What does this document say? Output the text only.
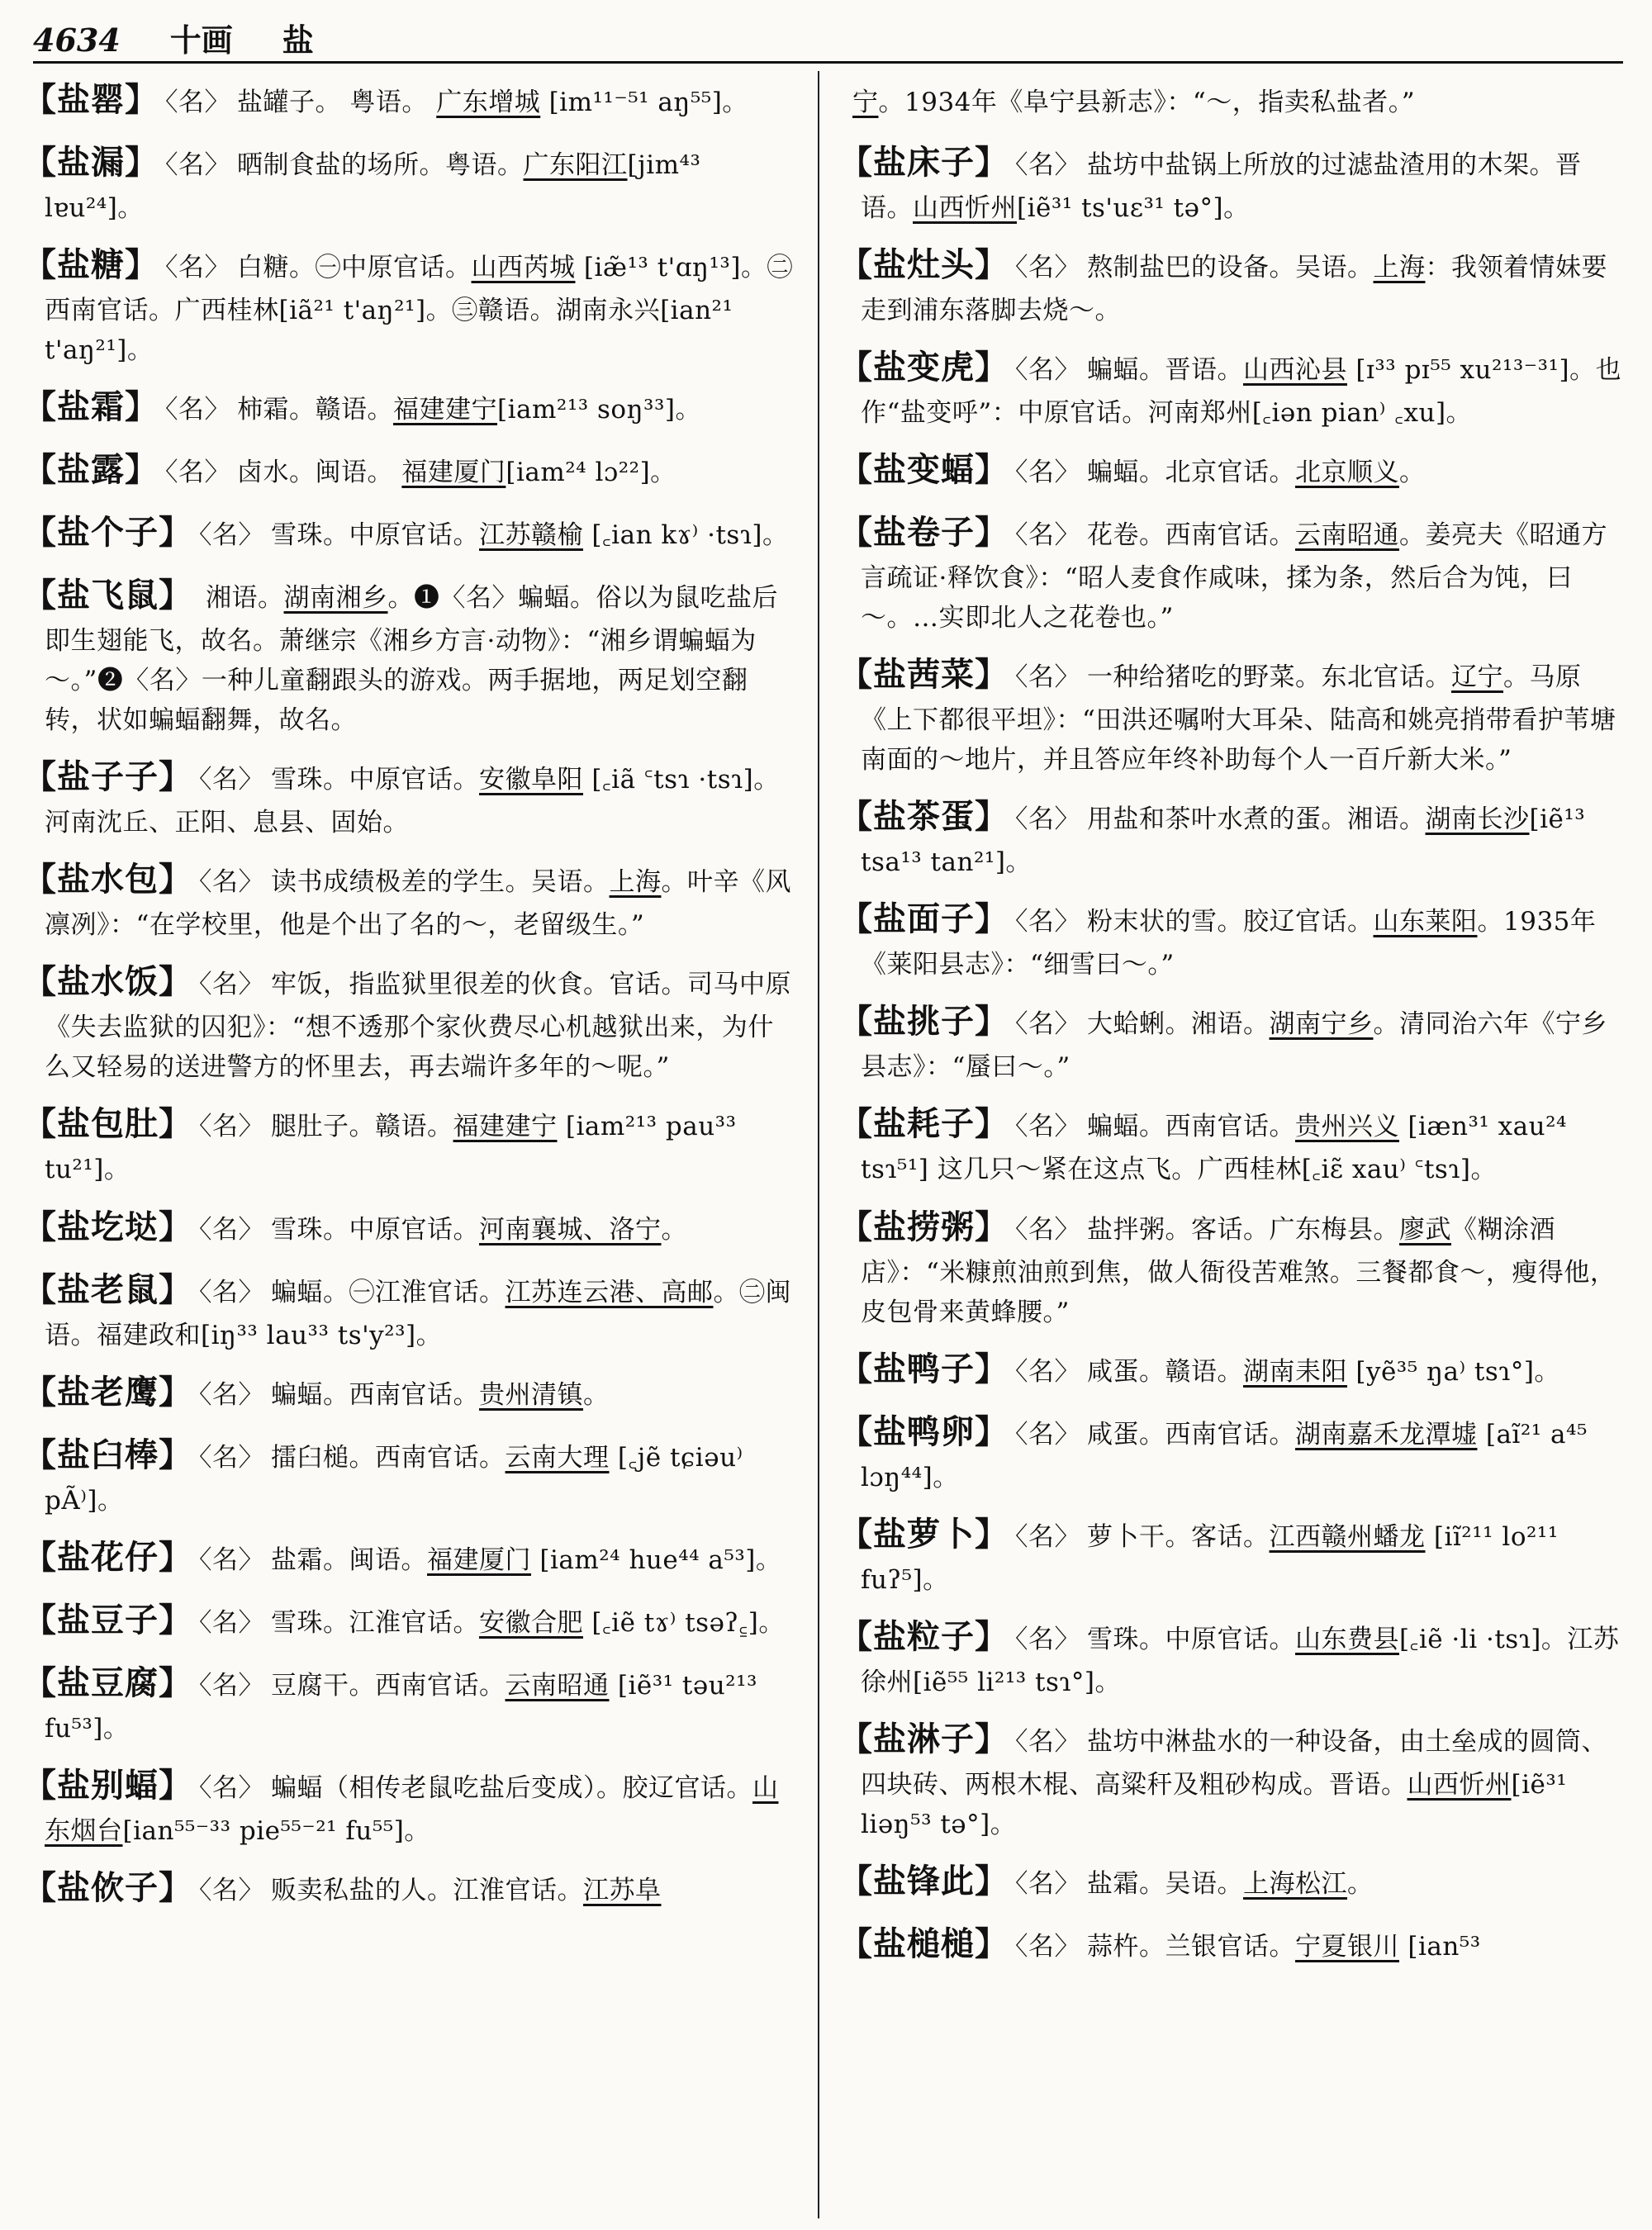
4634 十画 盐

【盐罂】 〈名〉 盐罐子。 粤语。 广东增城 [im¹¹⁻⁵¹ aŋ⁵⁵]。

【盐漏】 〈名〉 晒制食盐的场所。粤语。广东阳江[jim⁴³ lɐu²⁴]。

【盐糖】 〈名〉 白糖。㊀中原官话。山西芮城 [iæ̃¹³ t'ɑŋ¹³]。㊁西南官话。广西桂林[iã²¹ t'aŋ²¹]。㊂赣语。湖南永兴[ian²¹ t'aŋ²¹]。

【盐霜】 〈名〉 柿霜。赣语。福建建宁[iam²¹³ soŋ³³]。

【盐露】 〈名〉 卤水。闽语。 福建厦门[iam²⁴ lɔ²²]。

【盐个子】 〈名〉 雪珠。中原官话。江苏赣榆 [꜀ian kɤ⁾ ·tsɿ]。

【盐飞鼠】 湘语。湖南湘乡。❶〈名〉蝙蝠。俗以为鼠吃盐后即生翅能飞，故名。萧继宗《湘乡方言·动物》：“湘乡谓蝙蝠为～。”❷〈名〉一种儿童翻跟头的游戏。两手据地，两足划空翻转，状如蝙蝠翻舞，故名。

【盐子子】 〈名〉 雪珠。中原官话。安徽阜阳 [꜀iã ꜂tsɿ ·tsɿ]。河南沈丘、正阳、息县、固始。

【盐水包】 〈名〉 读书成绩极差的学生。吴语。上海。叶辛《风凛冽》：“在学校里，他是个出了名的～，老留级生。”

【盐水饭】 〈名〉 牢饭，指监狱里很差的伙食。官话。司马中原《失去监狱的囚犯》：“想不透那个家伙费尽心机越狱出来，为什么又轻易的送进警方的怀里去，再去端许多年的～呢。”

【盐包肚】 〈名〉 腿肚子。赣语。福建建宁 [iam²¹³ pau³³ tu²¹]。

【盐圪垯】 〈名〉 雪珠。中原官话。河南襄城、洛宁。

【盐老鼠】 〈名〉 蝙蝠。㊀江淮官话。江苏连云港、高邮。㊁闽语。福建政和[iŋ³³ lau³³ ts'y²³]。

【盐老鹰】 〈名〉 蝙蝠。西南官话。贵州清镇。

【盐臼棒】 〈名〉 擂臼槌。西南官话。云南大理 [꜀jẽ tɕiəu⁾ pÃ⁾]。

【盐花仔】 〈名〉 盐霜。闽语。福建厦门 [iam²⁴ hue⁴⁴ a⁵³]。

【盐豆子】 〈名〉 雪珠。江淮官话。安徽合肥 [꜀iẽ tɤ⁾ tsəʔ꜁]。

【盐豆腐】 〈名〉 豆腐干。西南官话。云南昭通 [iẽ³¹ təu²¹³ fu⁵³]。

【盐别蝠】 〈名〉 蝙蝠（相传老鼠吃盐后变成）。胶辽官话。山东烟台[ian⁵⁵⁻³³ pie⁵⁵⁻²¹ fu⁵⁵]。

【盐佽子】 〈名〉 贩卖私盐的人。江淮官话。江苏阜

宁。1934年《阜宁县新志》：“～，指卖私盐者。”

【盐床子】 〈名〉 盐坊中盐锅上所放的过滤盐渣用的木架。晋语。山西忻州[iẽ³¹ ts'uɛ³¹ tə°]。

【盐灶头】 〈名〉 熬制盐巴的设备。吴语。上海：我领着情妹要走到浦东落脚去烧～。

【盐变虎】 〈名〉 蝙蝠。晋语。山西沁县 [ɪ³³ pɪ⁵⁵ xu²¹³⁻³¹]。也作“盐变呼”：中原官话。河南郑州[꜀iən pian⁾ ꜀xu]。

【盐变蝠】 〈名〉 蝙蝠。北京官话。北京顺义。

【盐卷子】 〈名〉 花卷。西南官话。云南昭通。姜亮夫《昭通方言疏证·释饮食》：“昭人麦食作咸味，揉为条，然后合为饨，曰～。…实即北人之花卷也。”

【盐茜菜】 〈名〉 一种给猪吃的野菜。东北官话。辽宁。马原《上下都很平坦》：“田洪还嘱咐大耳朵、陆高和姚亮捎带看护苇塘南面的～地片，并且答应年终补助每个人一百斤新大米。”

【盐茶蛋】 〈名〉 用盐和茶叶水煮的蛋。湘语。湖南长沙[iẽ¹³ tsa¹³ tan²¹]。

【盐面子】 〈名〉 粉末状的雪。胶辽官话。山东莱阳。1935年《莱阳县志》：“细雪曰～。”

【盐挑子】 〈名〉 大蛤蜊。湘语。湖南宁乡。清同治六年《宁乡县志》：“蜃曰～。”

【盐耗子】 〈名〉 蝙蝠。西南官话。贵州兴义 [iæn³¹ xau²⁴ tsɿ⁵¹] 这几只～紧在这点飞。广西桂林[꜀iɛ̃ xau⁾ ꜂tsɿ]。

【盐捞粥】 〈名〉 盐拌粥。客话。广东梅县。廖武《糊涂酒店》：“米糠煎油煎到焦，做人衙役苦难煞。三餐都食～，瘦得他，皮包骨来黄蜂腰。”

【盐鸭子】 〈名〉 咸蛋。赣语。湖南耒阳 [yẽ³⁵ ŋa⁾ tsɿ°]。

【盐鸭卵】 〈名〉 咸蛋。西南官话。湖南嘉禾龙潭墟 [aĩ²¹ a⁴⁵ lɔŋ⁴⁴]。

【盐萝卜】 〈名〉 萝卜干。客话。江西赣州蟠龙 [iĩ²¹¹ lo²¹¹ fuʔ⁵]。

【盐粒子】 〈名〉 雪珠。中原官话。山东费县[꜀iẽ ·li ·tsɿ]。江苏徐州[iẽ⁵⁵ li²¹³ tsɿ°]。

【盐淋子】 〈名〉 盐坊中淋盐水的一种设备，由土垒成的圆筒、四块砖、两根木棍、高粱秆及粗砂构成。晋语。山西忻州[iẽ³¹ liəŋ⁵³ tə°]。

【盐锋此】 〈名〉 盐霜。吴语。上海松江。

【盐槌槌】 〈名〉 蒜杵。兰银官话。宁夏银川 [ian⁵³
